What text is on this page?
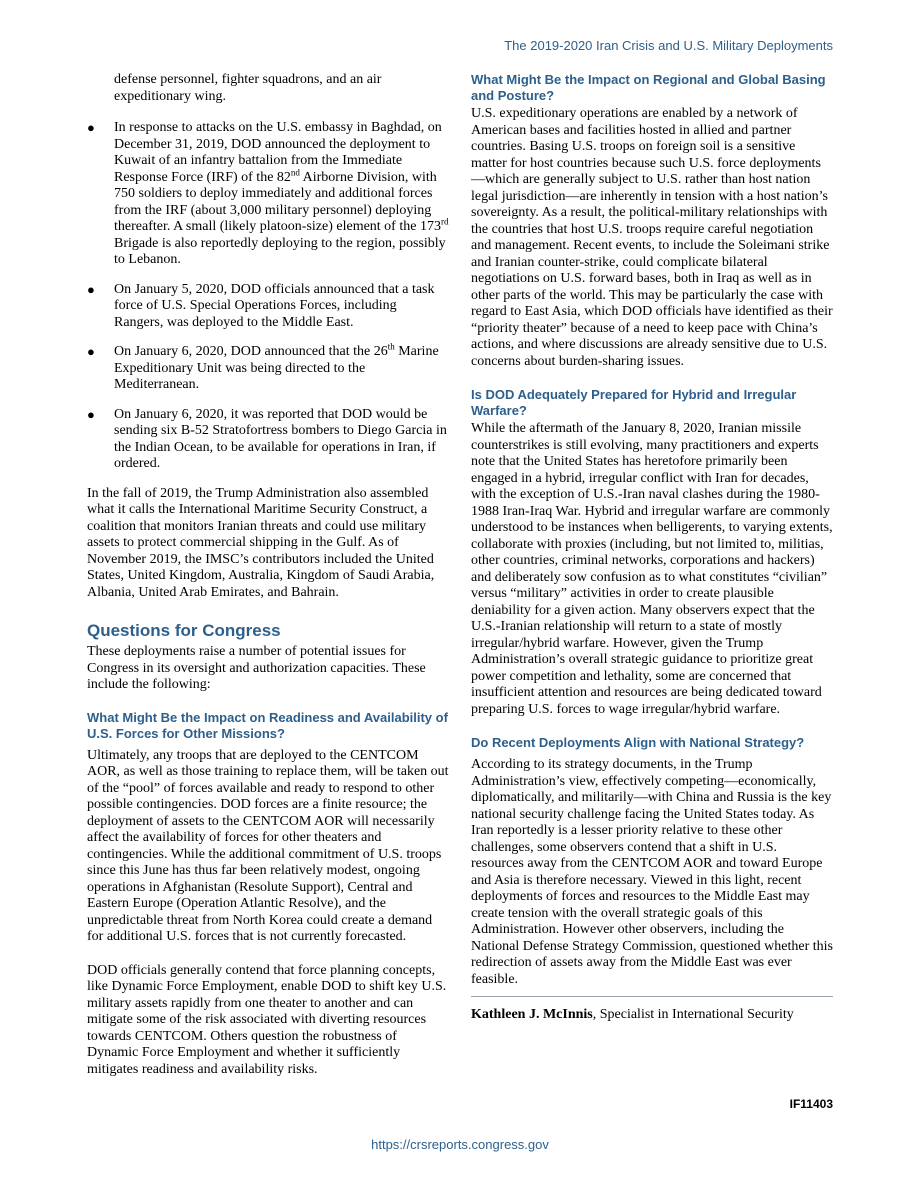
The 2019-2020 Iran Crisis and U.S. Military Deployments

defense personnel, fighter squadrons, and an air expeditionary wing.

● In response to attacks on the U.S. embassy in Baghdad, on December 31, 2019, DOD announced the deployment to Kuwait of an infantry battalion from the Immediate Response Force (IRF) of the 82nd Airborne Division, with 750 soldiers to deploy immediately and additional forces from the IRF (about 3,000 military personnel) deploying thereafter. A small (likely platoon-size) element of the 173rd Brigade is also reportedly deploying to the region, possibly to Lebanon.
● On January 5, 2020, DOD officials announced that a task force of U.S. Special Operations Forces, including Rangers, was deployed to the Middle East.
● On January 6, 2020, DOD announced that the 26th Marine Expeditionary Unit was being directed to the Mediterranean.
● On January 6, 2020, it was reported that DOD would be sending six B-52 Stratofortress bombers to Diego Garcia in the Indian Ocean, to be available for operations in Iran, if ordered.

In the fall of 2019, the Trump Administration also assembled what it calls the International Maritime Security Construct, a coalition that monitors Iranian threats and could use military assets to protect commercial shipping in the Gulf. As of November 2019, the IMSC’s contributors included the United States, United Kingdom, Australia, Kingdom of Saudi Arabia, Albania, United Arab Emirates, and Bahrain.

Questions for Congress

These deployments raise a number of potential issues for Congress in its oversight and authorization capacities. These include the following:

What Might Be the Impact on Readiness and Availability of U.S. Forces for Other Missions?

Ultimately, any troops that are deployed to the CENTCOM AOR, as well as those training to replace them, will be taken out of the “pool” of forces available and ready to respond to other possible contingencies. DOD forces are a finite resource; the deployment of assets to the CENTCOM AOR will necessarily affect the availability of forces for other theaters and contingencies. While the additional commitment of U.S. troops since this June has thus far been relatively modest, ongoing operations in Afghanistan (Resolute Support), Central and Eastern Europe (Operation Atlantic Resolve), and the unpredictable threat from North Korea could create a demand for additional U.S. forces that is not currently forecasted.

DOD officials generally contend that force planning concepts, like Dynamic Force Employment, enable DOD to shift key U.S. military assets rapidly from one theater to another and can mitigate some of the risk associated with diverting resources towards CENTCOM. Others question the robustness of Dynamic Force Employment and whether it sufficiently mitigates readiness and availability risks.

What Might Be the Impact on Regional and Global Basing and Posture?

U.S. expeditionary operations are enabled by a network of American bases and facilities hosted in allied and partner countries. Basing U.S. troops on foreign soil is a sensitive matter for host countries because such U.S. force deployments—which are generally subject to U.S. rather than host nation legal jurisdiction—are inherently in tension with a host nation’s sovereignty. As a result, the political-military relationships with the countries that host U.S. troops require careful negotiation and management. Recent events, to include the Soleimani strike and Iranian counter-strike, could complicate bilateral negotiations on U.S. forward bases, both in Iraq as well as in other parts of the world. This may be particularly the case with regard to East Asia, which DOD officials have identified as their “priority theater” because of a need to keep pace with China’s actions, and where discussions are already sensitive due to U.S. concerns about burden-sharing issues.

Is DOD Adequately Prepared for Hybrid and Irregular Warfare?

While the aftermath of the January 8, 2020, Iranian missile counterstrikes is still evolving, many practitioners and experts note that the United States has heretofore primarily been engaged in a hybrid, irregular conflict with Iran for decades, with the exception of U.S.-Iran naval clashes during the 1980-1988 Iran-Iraq War. Hybrid and irregular warfare are commonly understood to be instances when belligerents, to varying extents, collaborate with proxies (including, but not limited to, militias, other countries, criminal networks, corporations and hackers) and deliberately sow confusion as to what constitutes “civilian” versus “military” activities in order to create plausible deniability for a given action. Many observers expect that the U.S.-Iranian relationship will return to a state of mostly irregular/hybrid warfare. However, given the Trump Administration’s overall strategic guidance to prioritize great power competition and lethality, some are concerned that insufficient attention and resources are being dedicated toward preparing U.S. forces to wage irregular/hybrid warfare.

Do Recent Deployments Align with National Strategy?

According to its strategy documents, in the Trump Administration’s view, effectively competing—economically, diplomatically, and militarily—with China and Russia is the key national security challenge facing the United States today. As Iran reportedly is a lesser priority relative to these other challenges, some observers contend that a shift in U.S. resources away from the CENTCOM AOR and toward Europe and Asia is therefore necessary. Viewed in this light, recent deployments of forces and resources to the Middle East may create tension with the overall strategic goals of this Administration. However other observers, including the National Defense Strategy Commission, questioned whether this redirection of assets away from the Middle East was ever feasible.

Kathleen J. McInnis, Specialist in International Security

IF11403

https://crsreports.congress.gov
